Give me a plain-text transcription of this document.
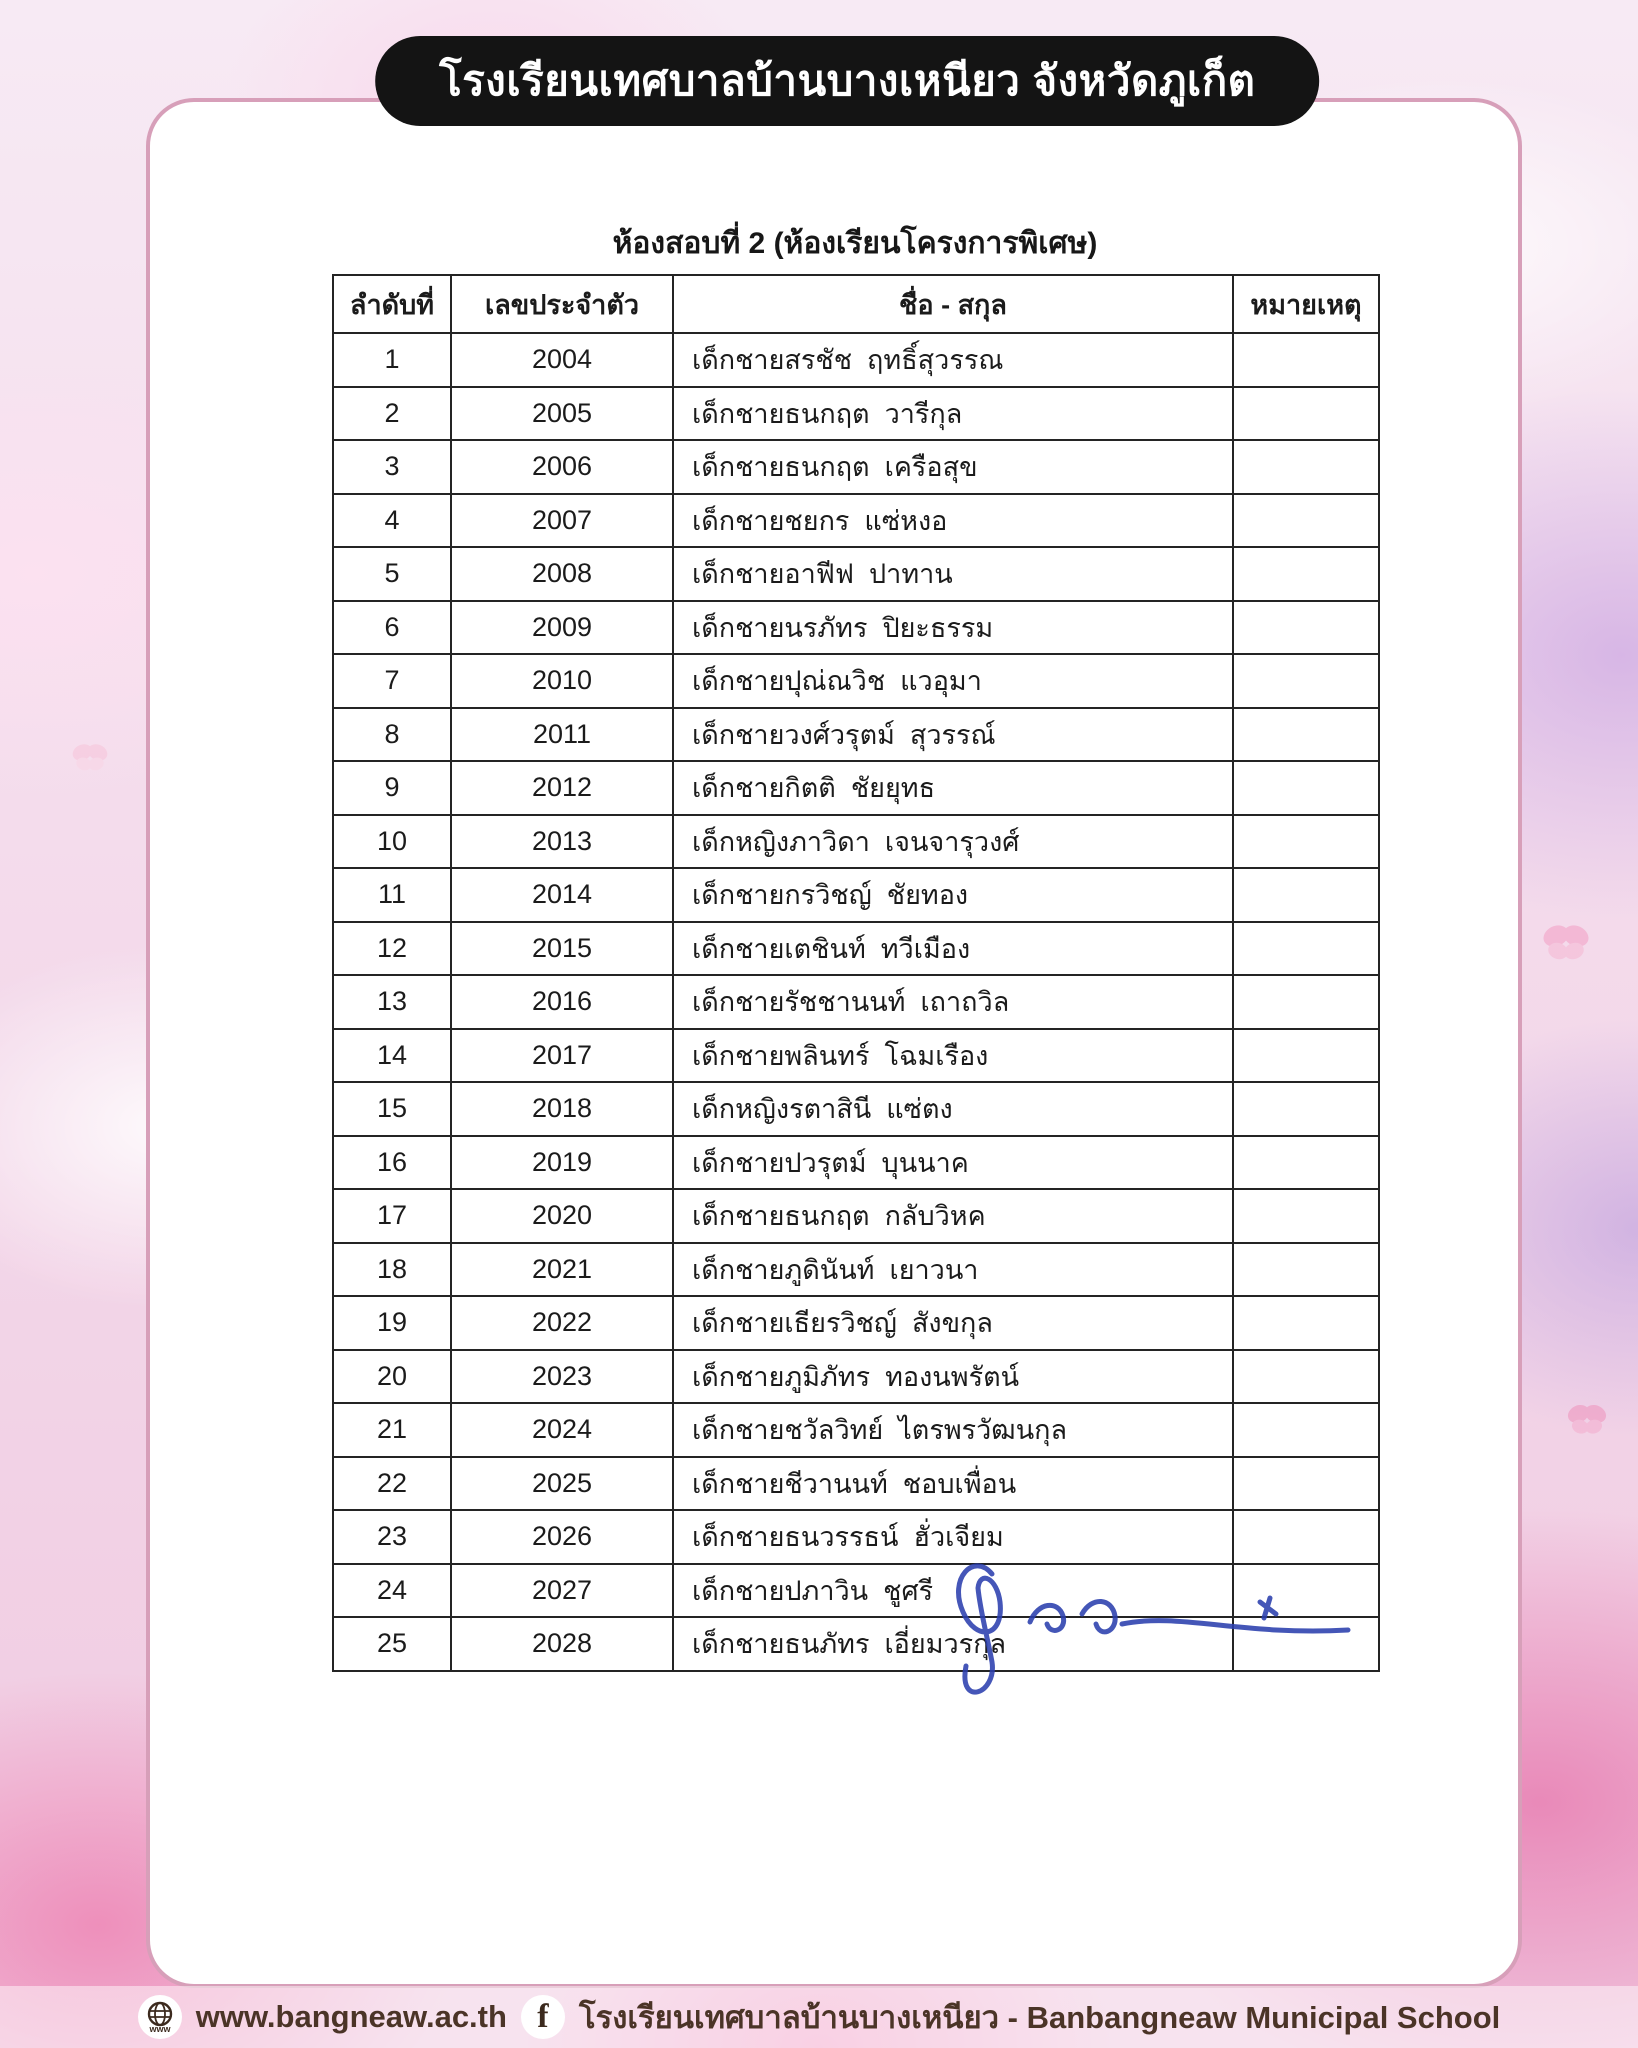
ห้องสอบที่ 2 (ห้องเรียนโครงการพิเศษ)
ลำดับที่	เลขประจำตัว	ชื่อ - สกุล	หมายเหตุ
1	2004	เด็กชายสรชัช  ฤทธิ์สุวรรณ	
2	2005	เด็กชายธนกฤต  วารีกุล	
3	2006	เด็กชายธนกฤต  เครือสุข	
4	2007	เด็กชายชยกร  แซ่หงอ	
5	2008	เด็กชายอาฟีฟ  ปาทาน	
6	2009	เด็กชายนรภัทร  ปิยะธรรม	
7	2010	เด็กชายปุณ่ณวิช  แวอุมา	
8	2011	เด็กชายวงศ์วรุตม์  สุวรรณ์	
9	2012	เด็กชายกิตติ  ชัยยุทธ	
10	2013	เด็กหญิงภาวิดา  เจนจารุวงศ์	
11	2014	เด็กชายกรวิชญ์  ชัยทอง	
12	2015	เด็กชายเตชินท์  ทวีเมือง	
13	2016	เด็กชายรัชชานนท์  เถาถวิล	
14	2017	เด็กชายพลินทร์  โฉมเรือง	
15	2018	เด็กหญิงรตาสินี  แซ่ตง	
16	2019	เด็กชายปวรุตม์  บุนนาค	
17	2020	เด็กชายธนกฤต  กลับวิหค	
18	2021	เด็กชายภูดินันท์  เยาวนา	
19	2022	เด็กชายเธียรวิชญ์  สังขกุล	
20	2023	เด็กชายภูมิภัทร  ทองนพรัตน์	
21	2024	เด็กชายชวัลวิทย์  ไตรพรวัฒนกุล	
22	2025	เด็กชายชีวานนท์  ชอบเพื่อน	
23	2026	เด็กชายธนวรรธน์  ฮั่วเจียม	
24	2027	เด็กชายปภาวิน  ชูศรี	
25	2028	เด็กชายธนภัทร  เอี่ยมวรกุล	
โรงเรียนเทศบาลบ้านบางเหนียว จังหวัดภูเก็ต
www www.bangneaw.ac.th f โรงเรียนเทศบาลบ้านบางเหนียว - Banbangneaw Municipal School
